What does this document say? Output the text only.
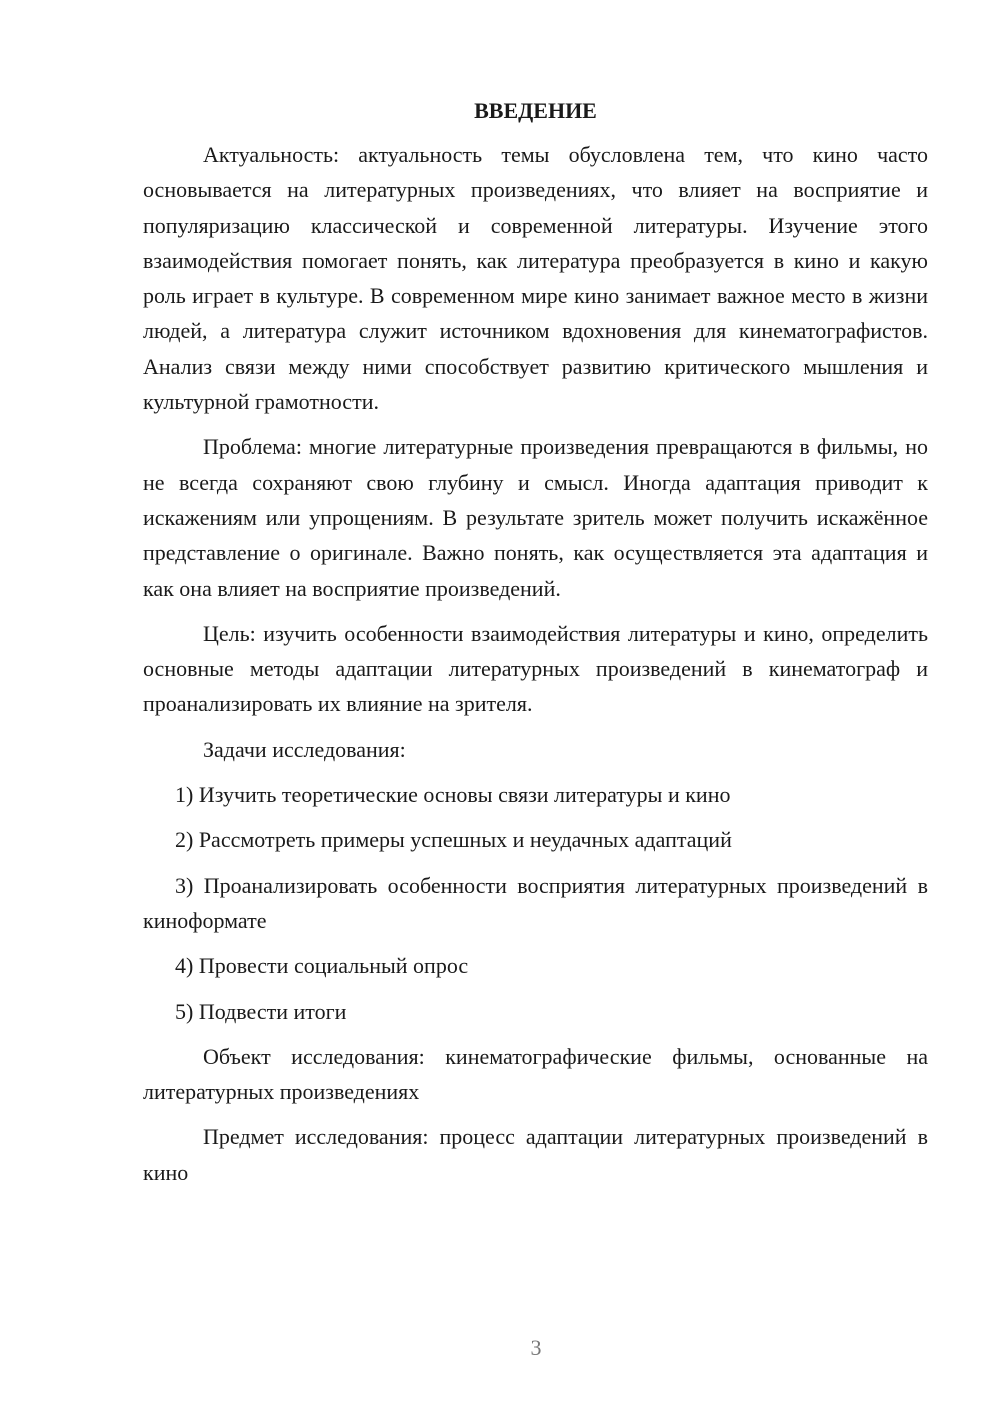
ВВЕДЕНИЕ

Актуальность: актуальность темы обусловлена тем, что кино часто основывается на литературных произведениях, что влияет на восприятие и популяризацию классической и современной литературы. Изучение этого взаимодействия помогает понять, как литература преобразуется в кино и какую роль играет в культуре. В современном мире кино занимает важное место в жизни людей, а литература служит источником вдохновения для кинематографистов. Анализ связи между ними способствует развитию критического мышления и культурной грамотности.

Проблема: многие литературные произведения превращаются в фильмы, но не всегда сохраняют свою глубину и смысл. Иногда адаптация приводит к искажениям или упрощениям. В результате зритель может получить искажённое представление о оригинале. Важно понять, как осуществляется эта адаптация и как она влияет на восприятие произведений.

Цель: изучить особенности взаимодействия литературы и кино, определить основные методы адаптации литературных произведений в кинематограф и проанализировать их влияние на зрителя.

Задачи исследования:

1) Изучить теоретические основы связи литературы и кино

2) Рассмотреть примеры успешных и неудачных адаптаций

3) Проанализировать особенности восприятия литературных произведений в киноформате

4) Провести социальный опрос

5) Подвести итоги

Объект исследования: кинематографические фильмы, основанные на литературных произведениях

Предмет исследования: процесс адаптации литературных произведений в кино

3
